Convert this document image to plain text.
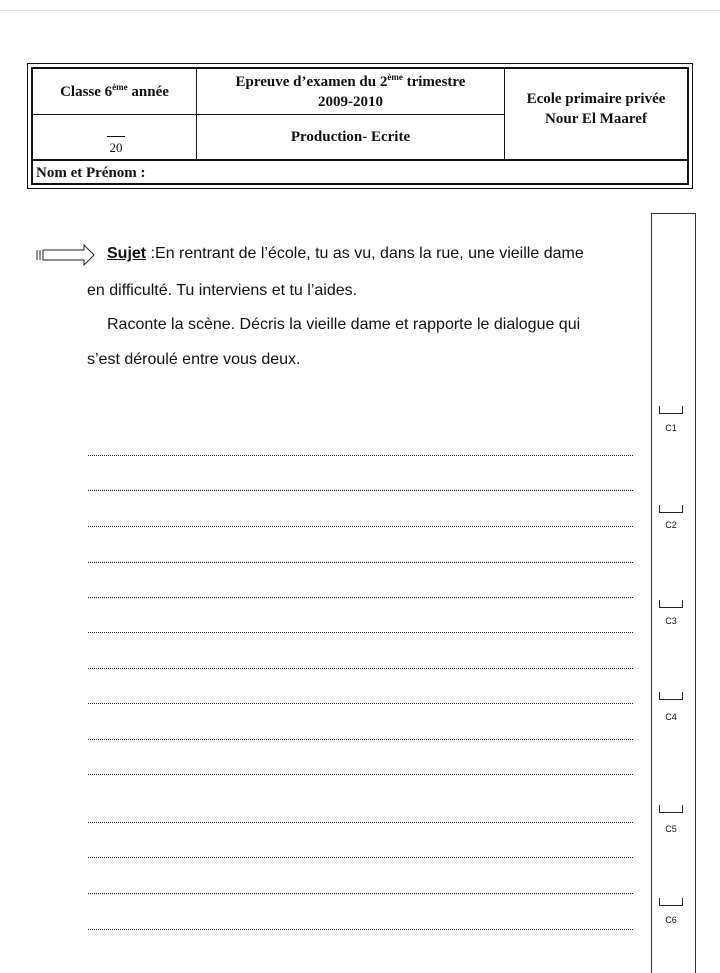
Classe 6ème année
Epreuve d’examen du 2ème trimestre
2009-2010	Ecole primaire privée
Nour El Maaref
20
Production- Ecrite
Nom et Prénom :
Sujet :En rentrant de l’école, tu as vu, dans la rue, une vieille dame
en difficulté. Tu interviens et tu l’aides.
Raconte la scène. Décris la vieille dame et rapporte le dialogue qui
s’est déroulé entre vous deux.
C1
C2
C3
C4
C5
C6
